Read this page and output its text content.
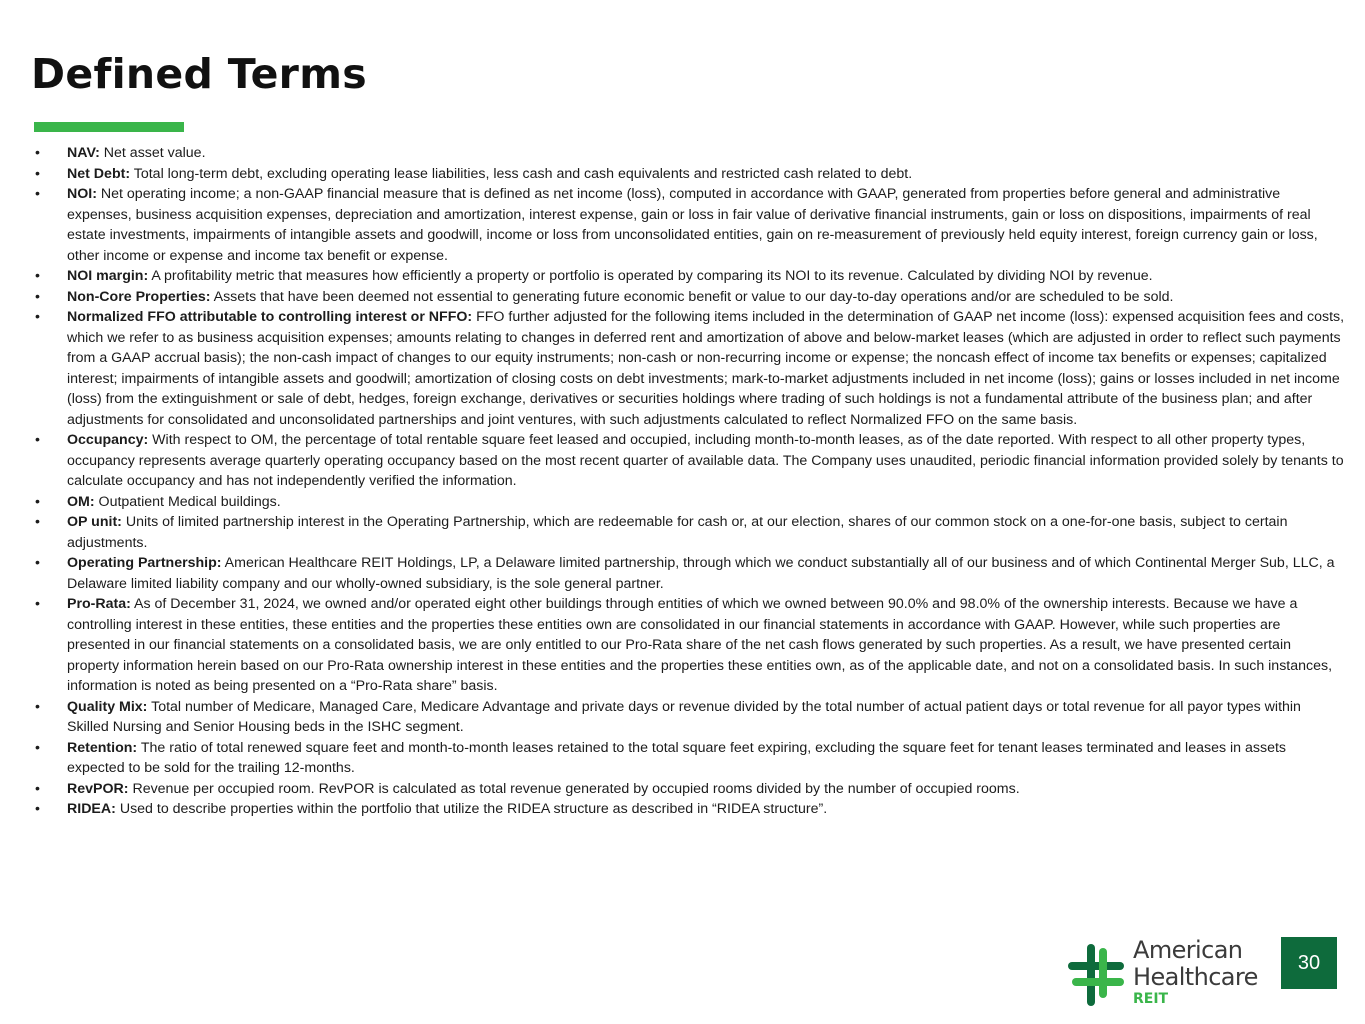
Defined Terms
• NAV: Net asset value.
• Net Debt: Total long-term debt, excluding operating lease liabilities, less cash and cash equivalents and restricted cash related to debt.
• NOI: Net operating income; a non-GAAP financial measure that is defined as net income (loss), computed in accordance with GAAP, generated from properties before general and administrative expenses, business acquisition expenses, depreciation and amortization, interest expense, gain or loss in fair value of derivative financial instruments, gain or loss on dispositions, impairments of real estate investments, impairments of intangible assets and goodwill, income or loss from unconsolidated entities, gain on re-measurement of previously held equity interest, foreign currency gain or loss, other income or expense and income tax benefit or expense.
• NOI margin: A profitability metric that measures how efficiently a property or portfolio is operated by comparing its NOI to its revenue. Calculated by dividing NOI by revenue.
• Non-Core Properties: Assets that have been deemed not essential to generating future economic benefit or value to our day-to-day operations and/or are scheduled to be sold.
• Normalized FFO attributable to controlling interest or NFFO: FFO further adjusted for the following items included in the determination of GAAP net income (loss): expensed acquisition fees and costs, which we refer to as business acquisition expenses; amounts relating to changes in deferred rent and amortization of above and below-market leases (which are adjusted in order to reflect such payments from a GAAP accrual basis); the non-cash impact of changes to our equity instruments; non-cash or non-recurring income or expense; the noncash effect of income tax benefits or expenses; capitalized interest; impairments of intangible assets and goodwill; amortization of closing costs on debt investments; mark-to-market adjustments included in net income (loss); gains or losses included in net income (loss) from the extinguishment or sale of debt, hedges, foreign exchange, derivatives or securities holdings where trading of such holdings is not a fundamental attribute of the business plan; and after adjustments for consolidated and unconsolidated partnerships and joint ventures, with such adjustments calculated to reflect Normalized FFO on the same basis.
• Occupancy: With respect to OM, the percentage of total rentable square feet leased and occupied, including month-to-month leases, as of the date reported. With respect to all other property types, occupancy represents average quarterly operating occupancy based on the most recent quarter of available data. The Company uses unaudited, periodic financial information provided solely by tenants to calculate occupancy and has not independently verified the information.
• OM: Outpatient Medical buildings.
• OP unit: Units of limited partnership interest in the Operating Partnership, which are redeemable for cash or, at our election, shares of our common stock on a one-for-one basis, subject to certain adjustments.
• Operating Partnership: American Healthcare REIT Holdings, LP, a Delaware limited partnership, through which we conduct substantially all of our business and of which Continental Merger Sub, LLC, a Delaware limited liability company and our wholly-owned subsidiary, is the sole general partner.
• Pro-Rata: As of December 31, 2024, we owned and/or operated eight other buildings through entities of which we owned between 90.0% and 98.0% of the ownership interests. Because we have a controlling interest in these entities, these entities and the properties these entities own are consolidated in our financial statements in accordance with GAAP. However, while such properties are presented in our financial statements on a consolidated basis, we are only entitled to our Pro-Rata share of the net cash flows generated by such properties. As a result, we have presented certain property information herein based on our Pro-Rata ownership interest in these entities and the properties these entities own, as of the applicable date, and not on a consolidated basis. In such instances, information is noted as being presented on a “Pro-Rata share” basis.
• Quality Mix: Total number of Medicare, Managed Care, Medicare Advantage and private days or revenue divided by the total number of actual patient days or total revenue for all payor types within Skilled Nursing and Senior Housing beds in the ISHC segment.
• Retention: The ratio of total renewed square feet and month-to-month leases retained to the total square feet expiring, excluding the square feet for tenant leases terminated and leases in assets expected to be sold for the trailing 12-months.
• RevPOR: Revenue per occupied room. RevPOR is calculated as total revenue generated by occupied rooms divided by the number of occupied rooms.
• RIDEA: Used to describe properties within the portfolio that utilize the RIDEA structure as described in “RIDEA structure”.
American
Healthcare
REIT
30
